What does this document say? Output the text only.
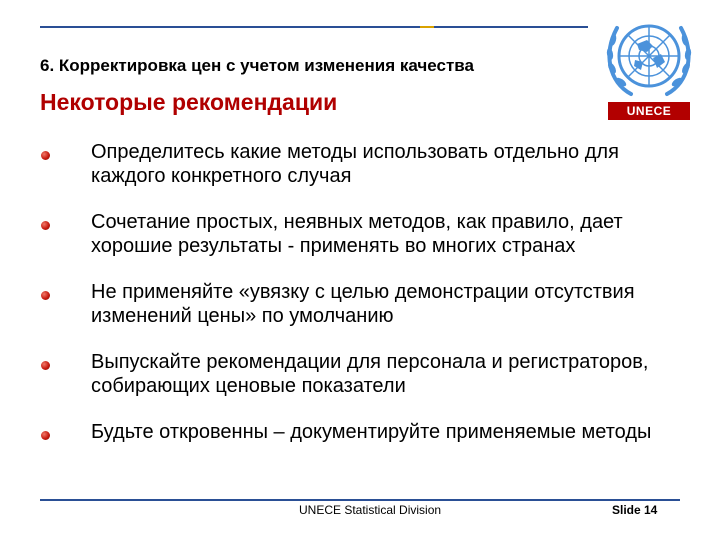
6. Корректировка цен с учетом изменения качества
Некоторые рекомендации	UNECE
Определитесь какие методы использовать отдельно для каждого конкретного случая
Сочетание простых, неявных методов, как правило, дает хорошие результаты - применять во многих странах
Не применяйте «увязку с целью демонстрации отсутствия изменений цены» по умолчанию
Выпускайте рекомендации для персонала и регистраторов, собирающих ценовые показатели
Будьте откровенны – документируйте применяемые методы
UNECE Statistical Division	Slide 14
